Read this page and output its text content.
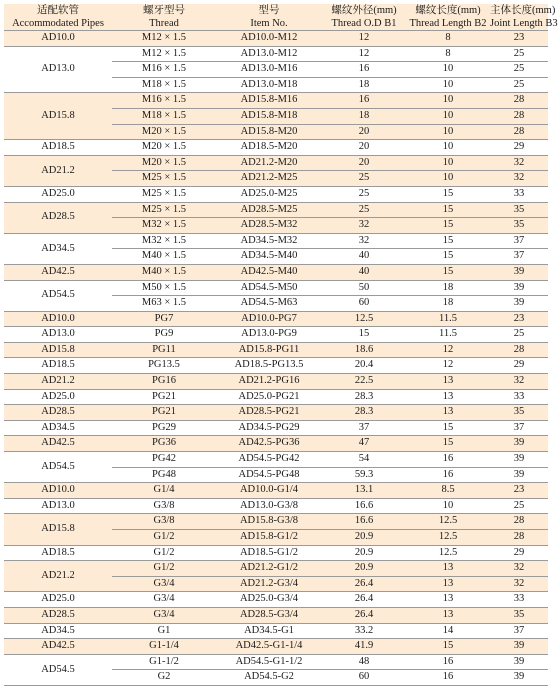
适配软管	螺牙型号	型号	螺纹外径(mm)	螺纹长度(mm)	主体长度(mm)
Accommodated Pipes	Thread	Item No.	Thread O.D B1	Thread Length B2	Joint Length B3
AD10.0	M12 × 1.5	AD10.0-M12	12	8	23
AD13.0	M12 × 1.5	AD13.0-M12	12	8	25
	M16 × 1.5	AD13.0-M16	16	10	25
	M18 × 1.5	AD13.0-M18	18	10	25
AD15.8	M16 × 1.5	AD15.8-M16	16	10	28
	M18 × 1.5	AD15.8-M18	18	10	28
	M20 × 1.5	AD15.8-M20	20	10	28
AD18.5	M20 × 1.5	AD18.5-M20	20	10	29
AD21.2	M20 × 1.5	AD21.2-M20	20	10	32
	M25 × 1.5	AD21.2-M25	25	10	32
AD25.0	M25 × 1.5	AD25.0-M25	25	15	33
AD28.5	M25 × 1.5	AD28.5-M25	25	15	35
	M32 × 1.5	AD28.5-M32	32	15	35
AD34.5	M32 × 1.5	AD34.5-M32	32	15	37
	M40 × 1.5	AD34.5-M40	40	15	37
AD42.5	M40 × 1.5	AD42.5-M40	40	15	39
AD54.5	M50 × 1.5	AD54.5-M50	50	18	39
	M63 × 1.5	AD54.5-M63	60	18	39
AD10.0	PG7	AD10.0-PG7	12.5	11.5	23
AD13.0	PG9	AD13.0-PG9	15	11.5	25
AD15.8	PG11	AD15.8-PG11	18.6	12	28
AD18.5	PG13.5	AD18.5-PG13.5	20.4	12	29
AD21.2	PG16	AD21.2-PG16	22.5	13	32
AD25.0	PG21	AD25.0-PG21	28.3	13	33
AD28.5	PG21	AD28.5-PG21	28.3	13	35
AD34.5	PG29	AD34.5-PG29	37	15	37
AD42.5	PG36	AD42.5-PG36	47	15	39
AD54.5	PG42	AD54.5-PG42	54	16	39
	PG48	AD54.5-PG48	59.3	16	39
AD10.0	G1/4	AD10.0-G1/4	13.1	8.5	23
AD13.0	G3/8	AD13.0-G3/8	16.6	10	25
AD15.8	G3/8	AD15.8-G3/8	16.6	12.5	28
	G1/2	AD15.8-G1/2	20.9	12.5	28
AD18.5	G1/2	AD18.5-G1/2	20.9	12.5	29
AD21.2	G1/2	AD21.2-G1/2	20.9	13	32
	G3/4	AD21.2-G3/4	26.4	13	32
AD25.0	G3/4	AD25.0-G3/4	26.4	13	33
AD28.5	G3/4	AD28.5-G3/4	26.4	13	35
AD34.5	G1	AD34.5-G1	33.2	14	37
AD42.5	G1-1/4	AD42.5-G1-1/4	41.9	15	39
AD54.5	G1-1/2	AD54.5-G1-1/2	48	16	39
	G2	AD54.5-G2	60	16	39
